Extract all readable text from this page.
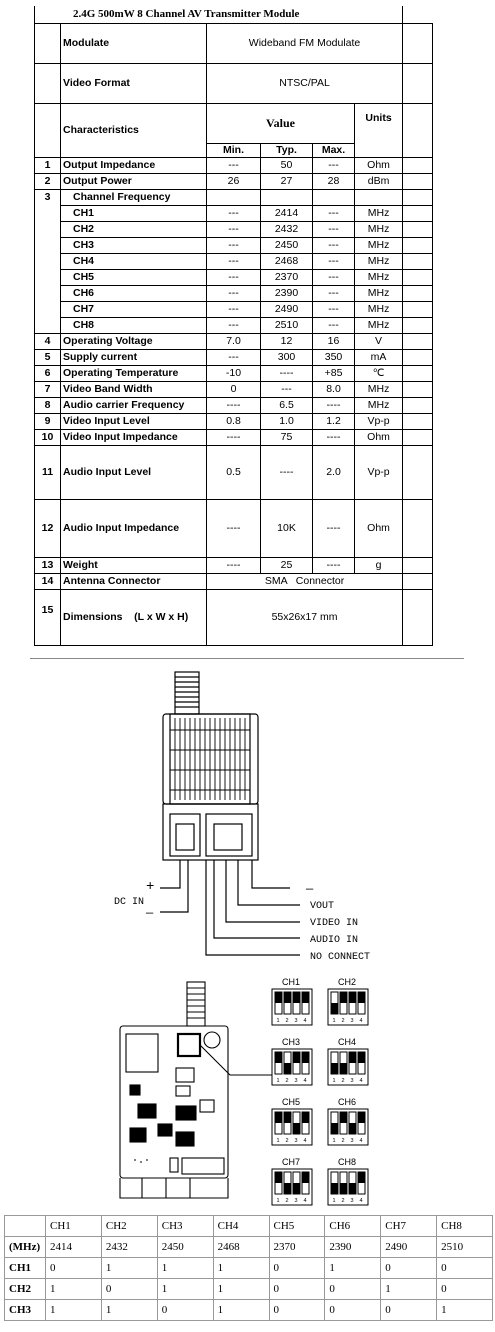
2.4G 500mW 8 Channel AV Transmitter Module						
	Modulate	Wideband FM Modulate				
	Video Format	NTSC/PAL				
	Characteristics	Value			Units	
		Min.	Typ.	Max.		
1	Output Impedance	---	50	---	Ohm	
2	Output Power	26	27	28	dBm	
3	Channel Frequency					
	CH1	---	2414	---	MHz	
	CH2	---	2432	---	MHz	
	CH3	---	2450	---	MHz	
	CH4	---	2468	---	MHz	
	CH5	---	2370	---	MHz	
	CH6	---	2390	---	MHz	
	CH7	---	2490	---	MHz	
	CH8	---	2510	---	MHz	
4	Operating Voltage	7.0	12	16	V	
5	Supply current	---	300	350	mA	
6	Operating Temperature	-10	----	+85	℃	
7	Video Band Width	0	---	8.0	MHz	
8	Audio carrier Frequency	----	6.5	----	MHz	
9	Video Input Level	0.8	1.0	1.2	Vp-p	
10	Video Input Impedance	----	75	----	Ohm	
11	Audio Input Level	0.5	----	2.0	Vp-p	
12	Audio Input Impedance	----	10K	----	Ohm	
13	Weight	----	25	----	g	
14	Antenna Connector	SMA   Connector				
15	Dimensions    (L x W x H)	55x26x17 mm				
+
DC IN
—
—
VOUT
VIDEO IN
AUDIO IN
NO CONNECT
CH1
1 2 3 4
CH2
1 2 3 4
CH3
1 2 3 4
CH4
1 2 3 4
CH5
1 2 3 4
CH6
1 2 3 4
CH7
1 2 3 4
CH8
1 2 3 4
	CH1	CH2	CH3	CH4	CH5	CH6	CH7	CH8
(MHz)	2414	2432	2450	2468	2370	2390	2490	2510
CH1	0	1	1	1	0	1	0	0
CH2	1	0	1	1	0	0	1	0
CH3	1	1	0	1	0	0	0	1
